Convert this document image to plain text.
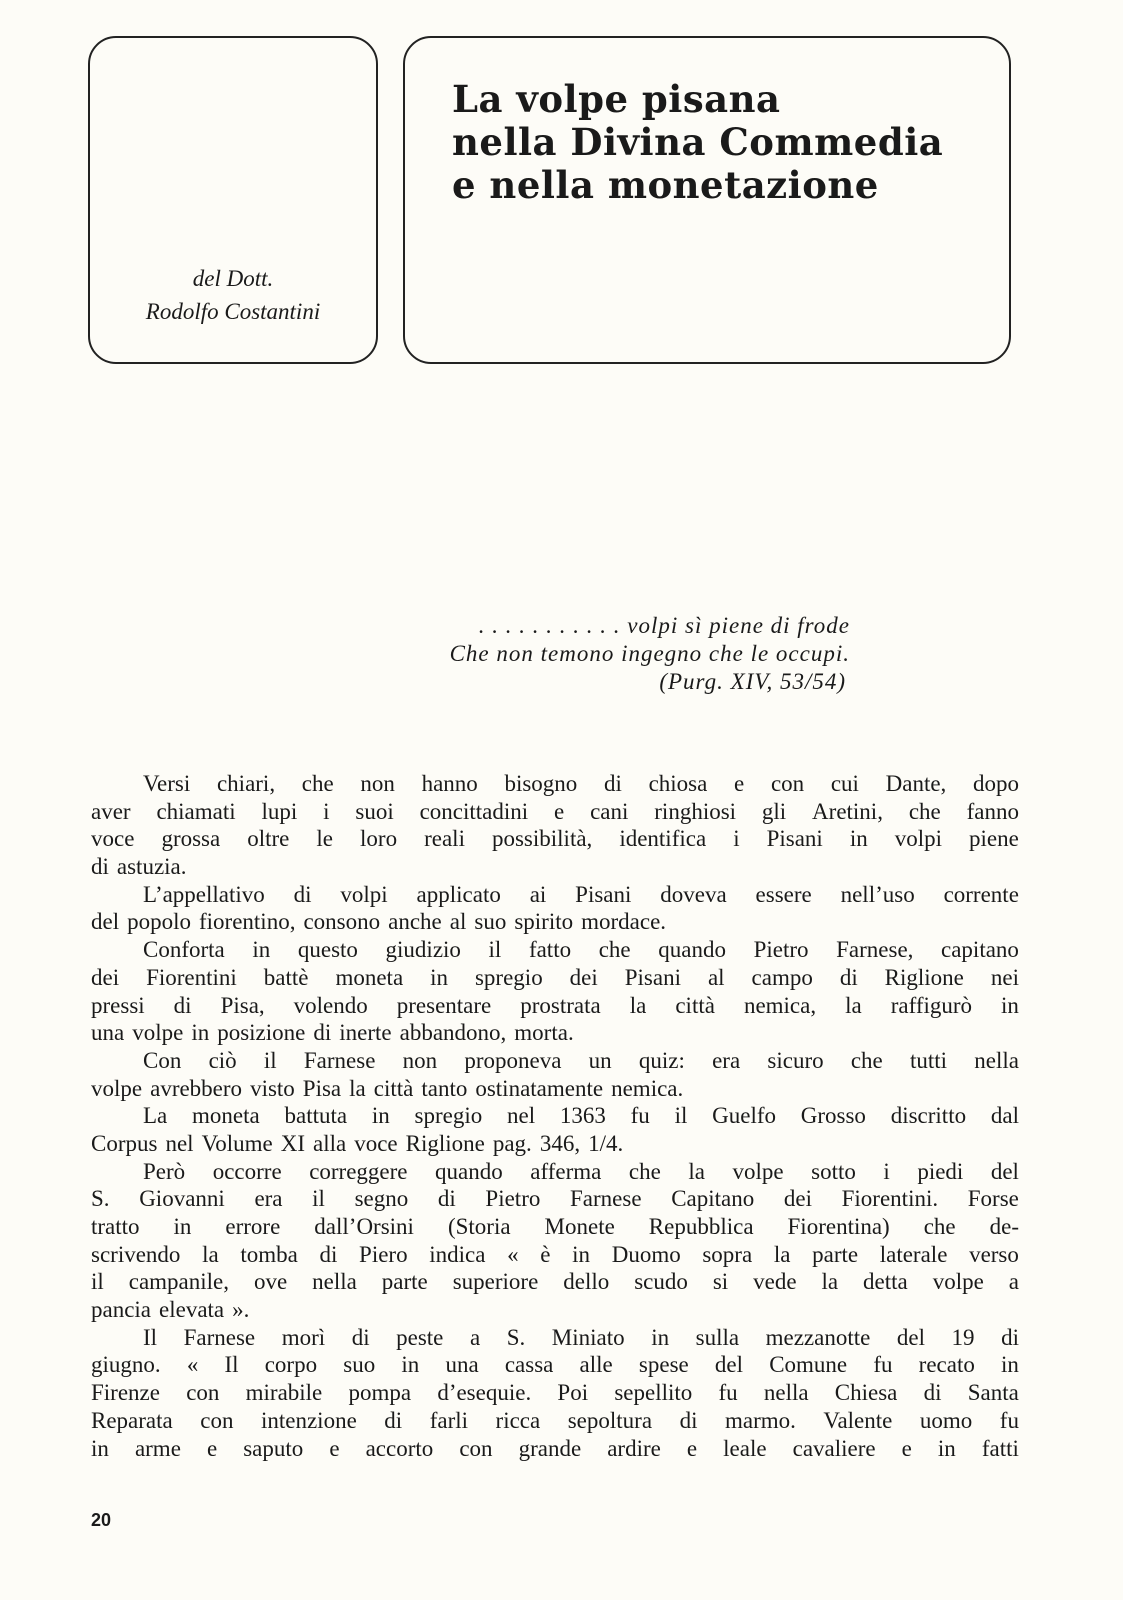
La volpe pisana
nella Divina Commedia
e nella monetazione
del Dott.
Rodolfo Costantini
. . . . . . . . . . . volpi sì piene di frode
Che non temono ingegno che le occupi.
(Purg. XIV, 53/54)
Versi chiari, che non hanno bisogno di chiosa e con cui Dante, dopo
aver chiamati lupi i suoi concittadini e cani ringhiosi gli Aretini, che fanno
voce grossa oltre le loro reali possibilità, identifica i Pisani in volpi piene
di astuzia.
L’appellativo di volpi applicato ai Pisani doveva essere nell’uso corrente
del popolo fiorentino, consono anche al suo spirito mordace.
Conforta in questo giudizio il fatto che quando Pietro Farnese, capitano
dei Fiorentini battè moneta in spregio dei Pisani al campo di Riglione nei
pressi di Pisa, volendo presentare prostrata la città nemica, la raffigurò in
una volpe in posizione di inerte abbandono, morta.
Con ciò il Farnese non proponeva un quiz: era sicuro che tutti nella
volpe avrebbero visto Pisa la città tanto ostinatamente nemica.
La moneta battuta in spregio nel 1363 fu il Guelfo Grosso discritto dal
Corpus nel Volume XI alla voce Riglione pag. 346, 1/4.
Però occorre correggere quando afferma che la volpe sotto i piedi del
S. Giovanni era il segno di Pietro Farnese Capitano dei Fiorentini. Forse
tratto in errore dall’Orsini (Storia Monete Repubblica Fiorentina) che de-
scrivendo la tomba di Piero indica « è in Duomo sopra la parte laterale verso
il campanile, ove nella parte superiore dello scudo si vede la detta volpe a
pancia elevata ».
Il Farnese morì di peste a S. Miniato in sulla mezzanotte del 19 di
giugno. « Il corpo suo in una cassa alle spese del Comune fu recato in
Firenze con mirabile pompa d’esequie. Poi sepellito fu nella Chiesa di Santa
Reparata con intenzione di farli ricca sepoltura di marmo. Valente uomo fu
in arme e saputo e accorto con grande ardire e leale cavaliere e in fatti
20
